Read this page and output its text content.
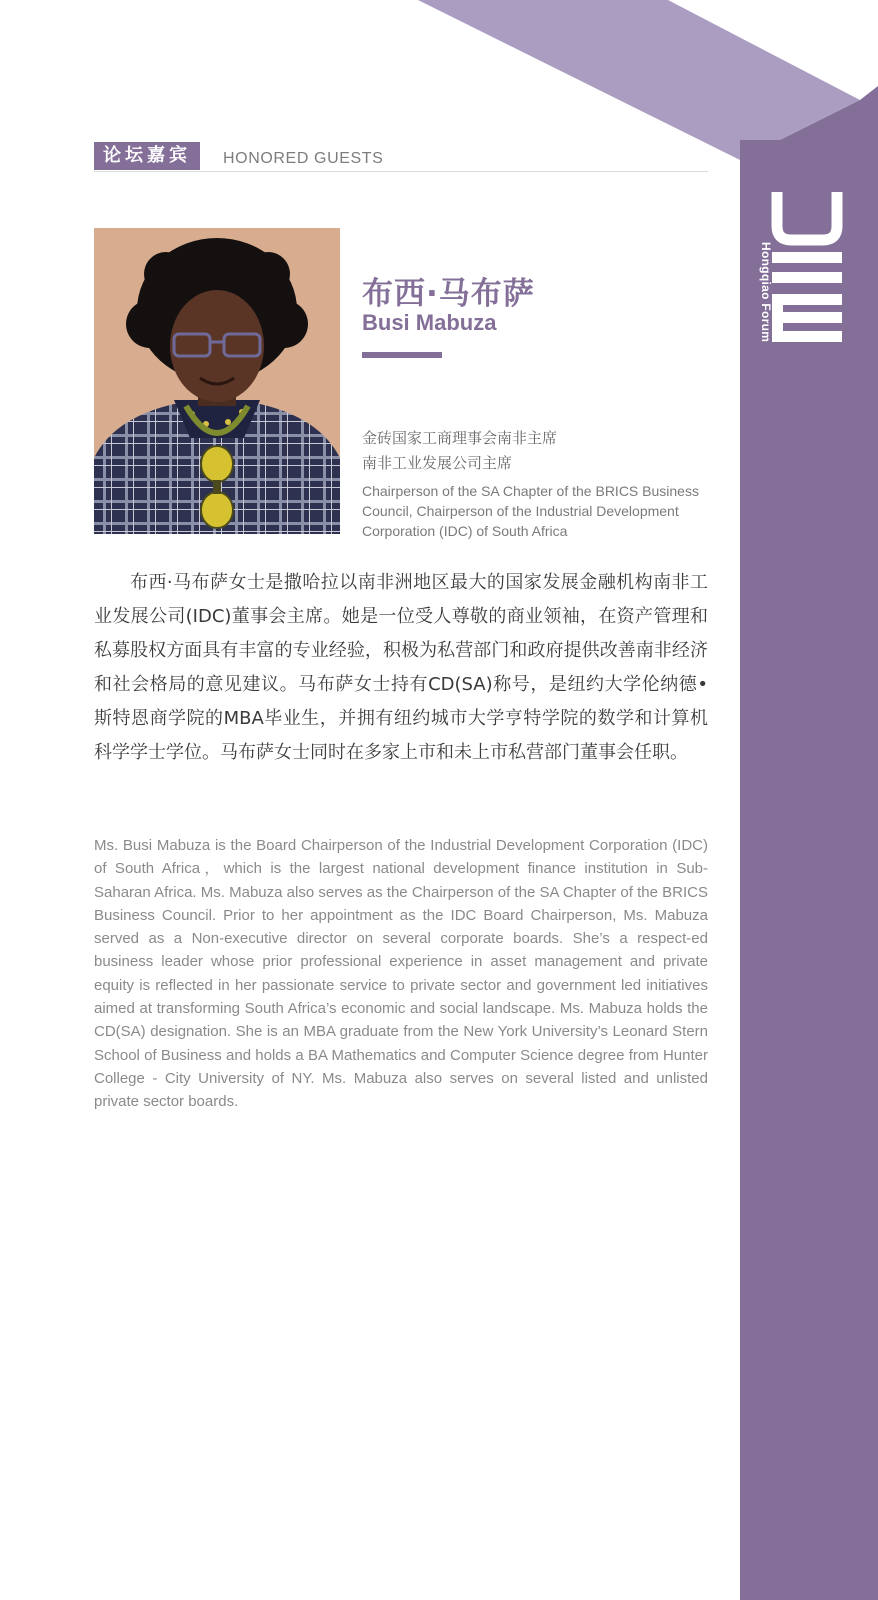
Hongqiao Forum
论坛嘉宾	HONORED GUESTS
布西·马布萨
Busi Mabuza
金砖国家工商理事会南非主席
南非工业发展公司主席
Chairperson of the SA Chapter of the BRICS Business Council, Chairperson of the Industrial Development Corporation (IDC) of South Africa

布西·马布萨女士是撒哈拉以南非洲地区最大的国家发展金融机构南非工业发展公司(IDC)董事会主席。她是一位受人尊敬的商业领袖，在资产管理和私募股权方面具有丰富的专业经验，积极为私营部门和政府提供改善南非经济和社会格局的意见建议。马布萨女士持有CD(SA)称号，是纽约大学伦纳德•斯特恩商学院的MBA毕业生，并拥有纽约城市大学亨特学院的数学和计算机科学学士学位。马布萨女士同时在多家上市和未上市私营部门董事会任职。

Ms. Busi Mabuza is the Board Chairperson of the Industrial Development Corporation (IDC) of South Africa，which is the largest national development finance institution in Sub-Saharan Africa. Ms. Mabuza also serves as the Chairperson of the SA Chapter of the BRICS Business Council. Prior to her appointment as the IDC Board Chairperson, Ms. Mabuza served as a Non-executive director on several corporate boards. She’s a respect-ed business leader whose prior professional experience in asset management and private equity is reflected in her passionate service to private sector and government led initiatives aimed at transforming South Africa’s economic and social landscape. Ms. Mabuza holds the CD(SA) designation. She is an MBA graduate from the New York University’s Leonard Stern School of Business and holds a BA Mathematics and Computer Science degree from Hunter College - City University of NY. Ms. Mabuza also serves on several listed and unlisted private sector boards.
